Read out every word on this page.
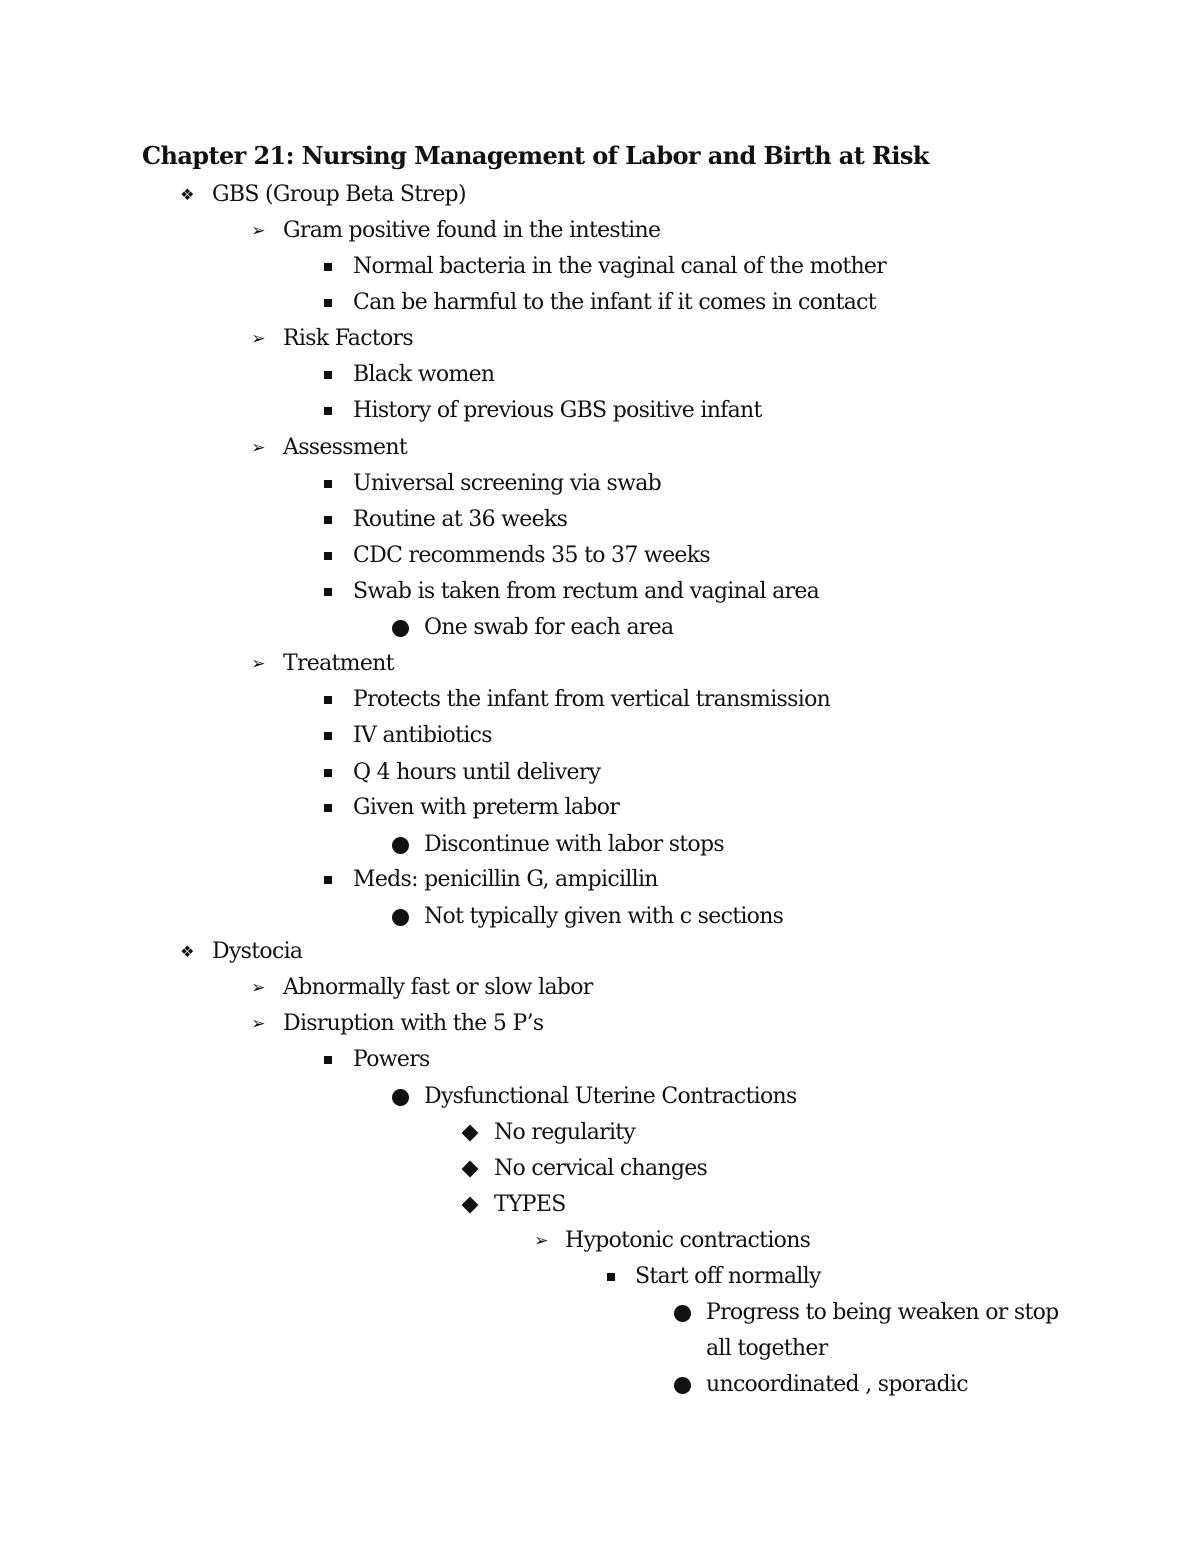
Chapter 21: Nursing Management of Labor and Birth at Risk
❖ GBS (Group Beta Strep)
➢ Gram positive found in the intestine
Normal bacteria in the vaginal canal of the mother
Can be harmful to the infant if it comes in contact
➢ Risk Factors
Black women
History of previous GBS positive infant
➢ Assessment
Universal screening via swab
Routine at 36 weeks
CDC recommends 35 to 37 weeks
Swab is taken from rectum and vaginal area
One swab for each area
➢ Treatment
Protects the infant from vertical transmission
IV antibiotics
Q 4 hours until delivery
Given with preterm labor
Discontinue with labor stops
Meds: penicillin G, ampicillin
Not typically given with c sections
❖ Dystocia
➢ Abnormally fast or slow labor
➢ Disruption with the 5 P’s
Powers
Dysfunctional Uterine Contractions
No regularity
No cervical changes
TYPES
➢ Hypotonic contractions
Start off normally
Progress to being weaken or stop all together
uncoordinated , sporadic
